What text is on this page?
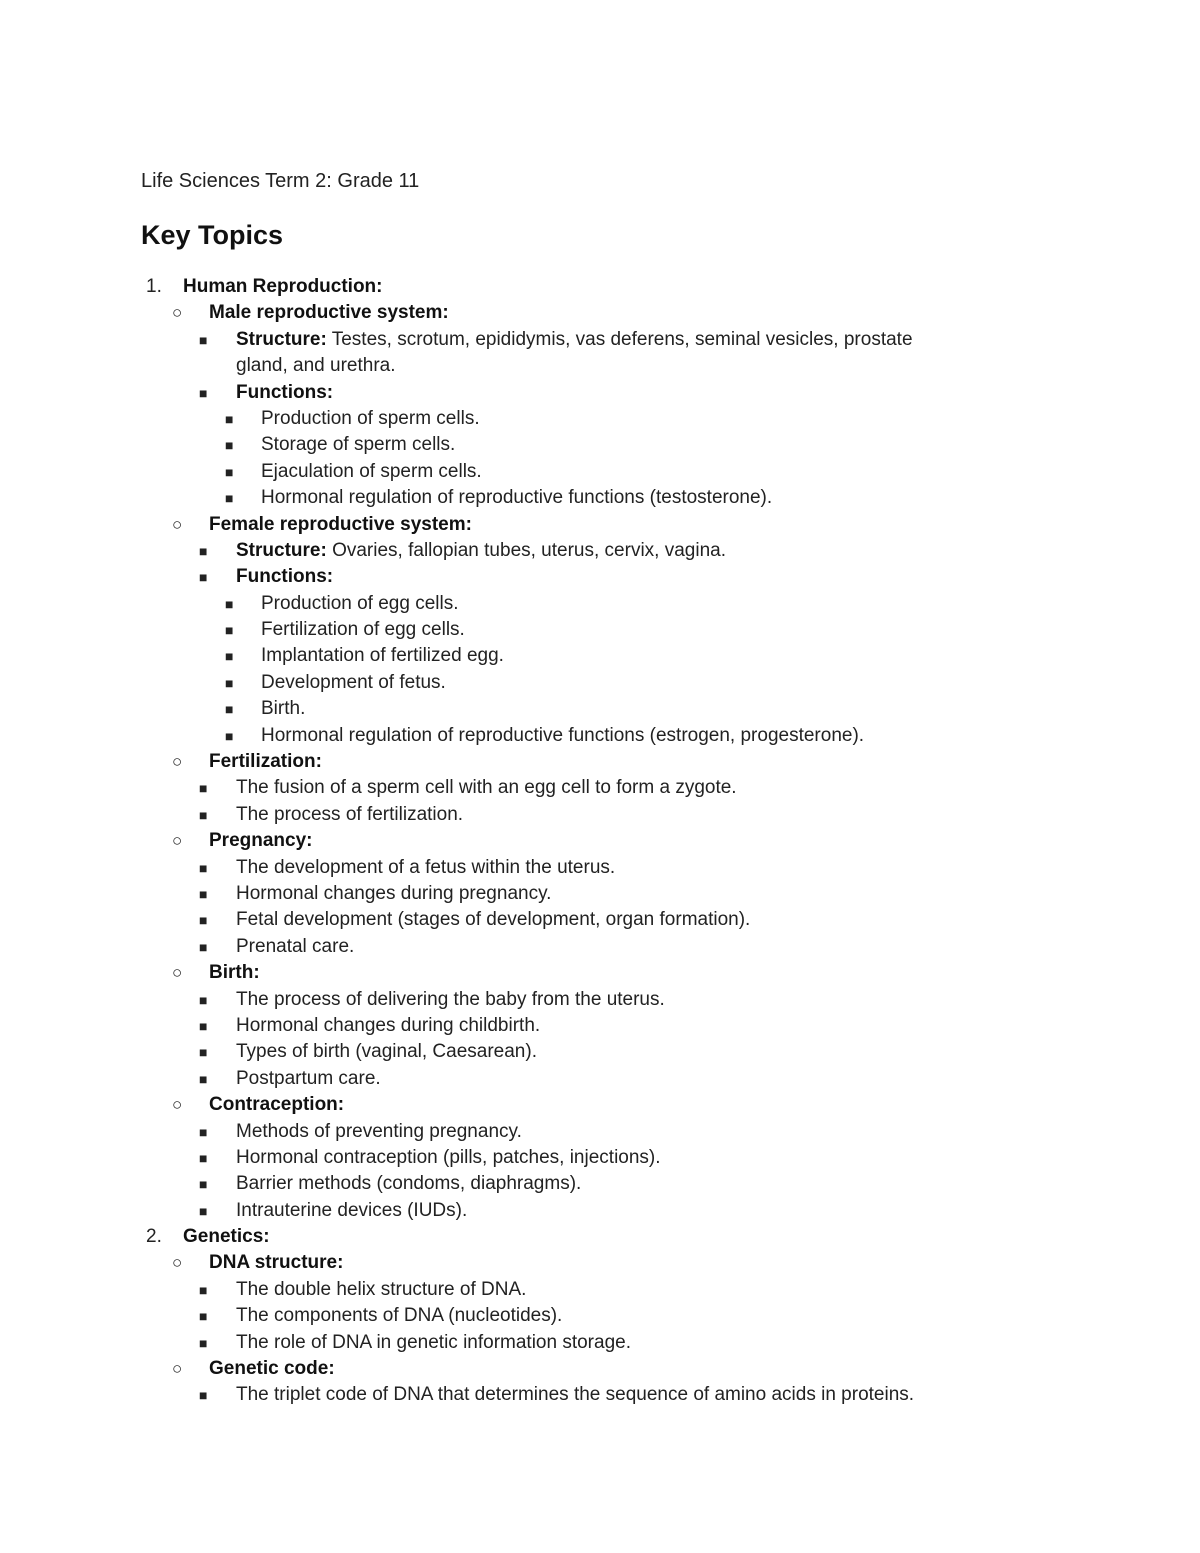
Life Sciences Term 2: Grade 11
Key Topics
1. Human Reproduction:
○ Male reproductive system:
■ Structure: Testes, scrotum, epididymis, vas deferens, seminal vesicles, prostate
gland, and urethra.
■ Functions:
■ Production of sperm cells.
■ Storage of sperm cells.
■ Ejaculation of sperm cells.
■ Hormonal regulation of reproductive functions (testosterone).
○ Female reproductive system:
■ Structure: Ovaries, fallopian tubes, uterus, cervix, vagina.
■ Functions:
■ Production of egg cells.
■ Fertilization of egg cells.
■ Implantation of fertilized egg.
■ Development of fetus.
■ Birth.
■ Hormonal regulation of reproductive functions (estrogen, progesterone).
○ Fertilization:
■ The fusion of a sperm cell with an egg cell to form a zygote.
■ The process of fertilization.
○ Pregnancy:
■ The development of a fetus within the uterus.
■ Hormonal changes during pregnancy.
■ Fetal development (stages of development, organ formation).
■ Prenatal care.
○ Birth:
■ The process of delivering the baby from the uterus.
■ Hormonal changes during childbirth.
■ Types of birth (vaginal, Caesarean).
■ Postpartum care.
○ Contraception:
■ Methods of preventing pregnancy.
■ Hormonal contraception (pills, patches, injections).
■ Barrier methods (condoms, diaphragms).
■ Intrauterine devices (IUDs).
2. Genetics:
○ DNA structure:
■ The double helix structure of DNA.
■ The components of DNA (nucleotides).
■ The role of DNA in genetic information storage.
○ Genetic code:
■ The triplet code of DNA that determines the sequence of amino acids in proteins.
